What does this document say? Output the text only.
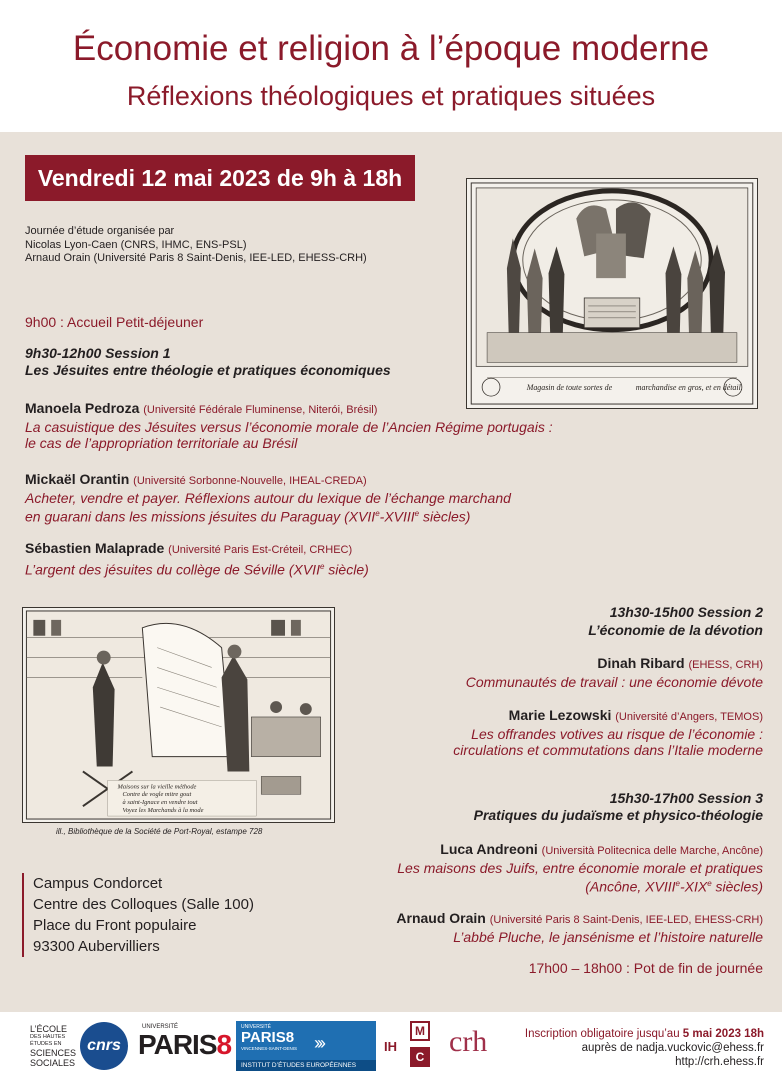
Économie et religion à l’époque moderne
Réflexions théologiques et pratiques situées
Vendredi 12 mai 2023 de 9h à 18h
Journée d’étude organisée par
Nicolas Lyon-Caen (CNRS, IHMC, ENS-PSL)
Arnaud Orain (Université Paris 8 Saint-Denis, IEE-LED, EHESS-CRH)
Magasin de toute sortes de	marchandise en gros, et en détail.
9h00 : Accueil Petit-déjeuner
9h30-12h00 Session 1
Les Jésuites entre théologie et pratiques économiques
Manoela Pedroza (Université Fédérale Fluminense, Niterói, Brésil)
La casuistique des Jésuites versus l’économie morale de l’Ancien Régime portugais :
le cas de l’appropriation territoriale au Brésil
Mickaël Orantin (Université Sorbonne-Nouvelle, IHEAL-CREDA)
Acheter, vendre et payer. Réflexions autour du lexique de l’échange marchand
en guarani dans les missions jésuites du Paraguay (XVIIe-XVIIIe siècles)
Sébastien Malaprade (Université Paris Est-Créteil, CRHEC)
L’argent des jésuites du collège de Séville (XVIIe siècle)
Maisons sur la vieille méthode
Contre de vogle mitre gout
à saint-Ignace en vendre tout
Voyez les Marchands à la mode
ill., Bibliothèque de la Société de Port-Royal, estampe 728
13h30-15h00 Session 2
L’économie de la dévotion
Dinah Ribard (EHESS, CRH)
Communautés de travail : une économie dévote
Marie Lezowski (Université d’Angers, TEMOS)
Les offrandes votives au risque de l’économie :
circulations et commutations dans l’Italie moderne
15h30-17h00 Session 3
Pratiques du judaïsme et physico-théologie
Luca Andreoni (Università Politecnica delle Marche, Ancône)
Les maisons des Juifs, entre économie morale et pratiques
(Ancône, XVIIIe-XIXe siècles)
Arnaud Orain (Université Paris 8 Saint-Denis, IEE-LED, EHESS-CRH)
L’abbé Pluche, le jansénisme et l’histoire naturelle
17h00 – 18h00 : Pot de fin de journée
Campus Condorcet
Centre des Colloques (Salle 100)
Place du Front populaire
93300 Aubervilliers
L’ÉCOLE
DES HAUTES
ÉTUDES EN
SCIENCES
SOCIALES
cnrs
UNIVERSITÉ
PARIS8
UNIVERSITÉ
PARIS8
VINCENNES-SAINT-DENIS ›››
INSTITUT D’ÉTUDES EUROPÉENNES
IH
M
C crh	Inscription obligatoire jusqu’au 5 mai 2023 18h
auprès de nadja.vuckovic@ehess.fr
http://crh.ehess.fr
